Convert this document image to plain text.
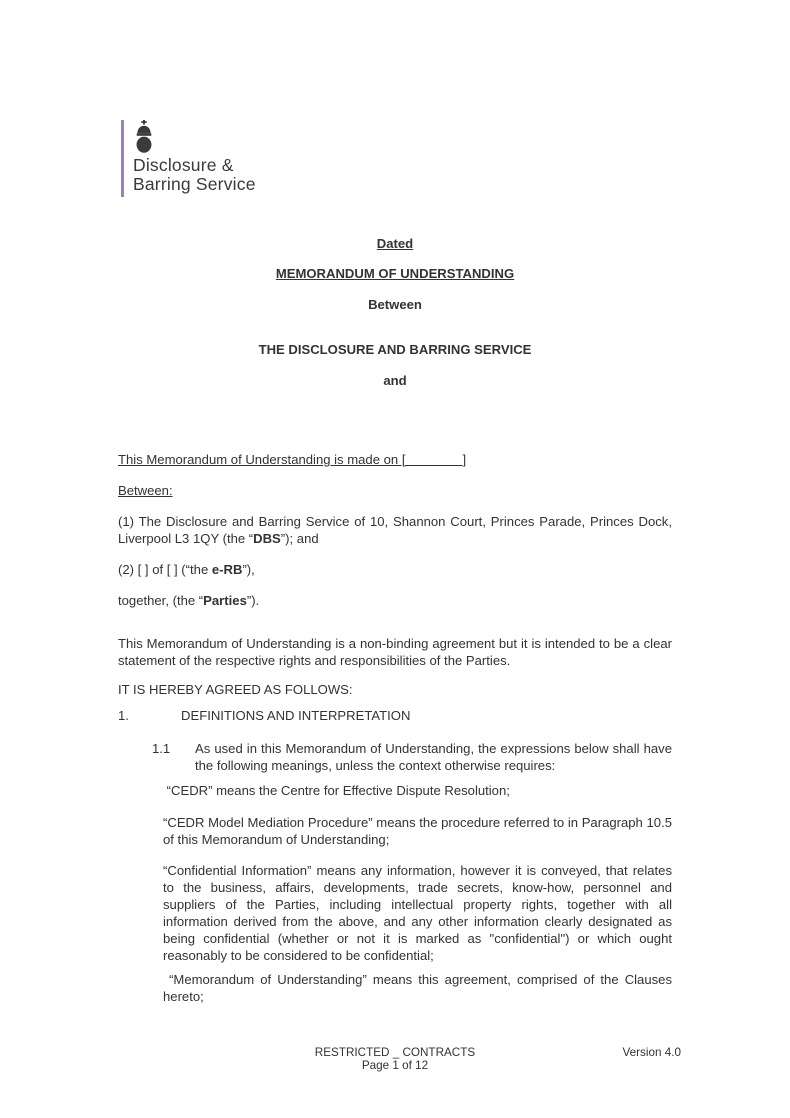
Disclosure &
Barring Service
Dated
MEMORANDUM OF UNDERSTANDING
Between
THE DISCLOSURE AND BARRING SERVICE
and

This Memorandum of Understanding is made on [	]

Between:

(1) The Disclosure and Barring Service of 10, Shannon Court, Princes Parade, Princes Dock, Liverpool L3 1QY (the “DBS”); and

(2) [ ] of [ ] (“the e-RB”),

together, (the “Parties”).

This Memorandum of Understanding is a non-binding agreement but it is intended to be a clear statement of the respective rights and responsibilities of the Parties.

IT IS HEREBY AGREED AS FOLLOWS:

1.	DEFINITIONS AND INTERPRETATION
1.1	As used in this Memorandum of Understanding, the expressions below shall have the following meanings, unless the context otherwise requires:

“CEDR” means the Centre for Effective Dispute Resolution;

“CEDR Model Mediation Procedure” means the procedure referred to in Paragraph 10.5 of this Memorandum of Understanding;

“Confidential Information” means any information, however it is conveyed, that relates to the business, affairs, developments, trade secrets, know-how, personnel and suppliers of the Parties, including intellectual property rights, together with all information derived from the above, and any other information clearly designated as being confidential (whether or not it is marked as "confidential") or which ought reasonably to be considered to be confidential;

“Memorandum of Understanding” means this agreement, comprised of the Clauses hereto;

RESTRICTED _ CONTRACTS
Page 1 of 12
Version 4.0
